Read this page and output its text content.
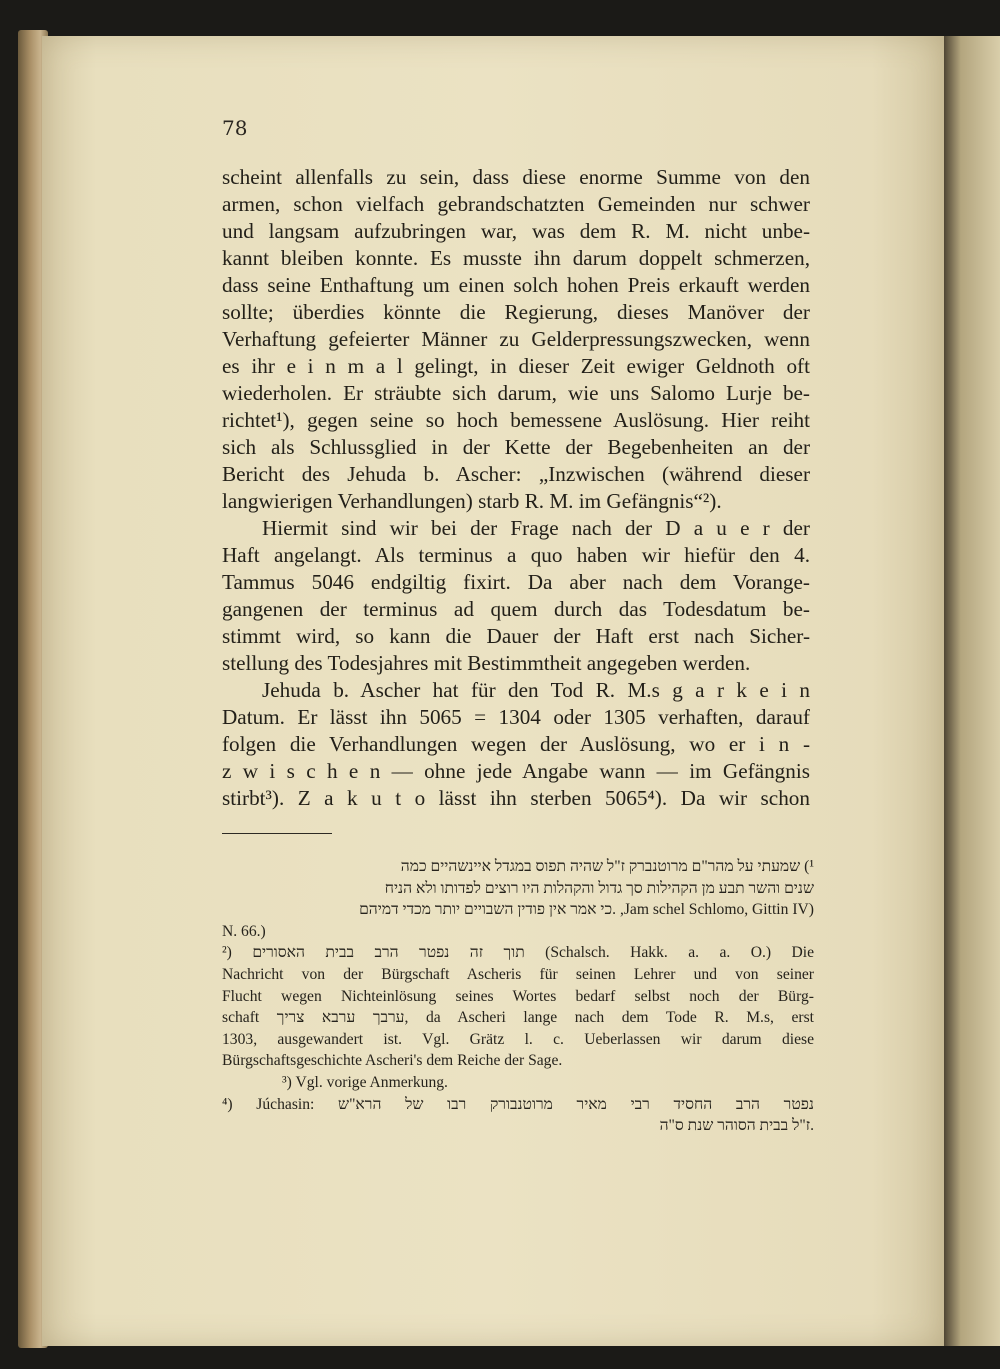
78
scheint allenfalls zu sein, dass diese enorme Summe von den
armen, schon vielfach gebrandschatzten Gemeinden nur schwer
und langsam aufzubringen war, was dem R. M. nicht unbe-
kannt bleiben konnte. Es musste ihn darum doppelt schmerzen,
dass seine Enthaftung um einen solch hohen Preis erkauft werden
sollte; überdies könnte die Regierung, dieses Manöver der
Verhaftung gefeierter Männer zu Gelderpressungszwecken, wenn
es ihr e i n m a l gelingt, in dieser Zeit ewiger Geldnoth oft
wiederholen. Er sträubte sich darum, wie uns Salomo Lurje be-
richtet¹), gegen seine so hoch bemessene Auslösung. Hier reiht
sich als Schlussglied in der Kette der Begebenheiten an der
Bericht des Jehuda b. Ascher: „Inzwischen (während dieser
langwierigen Verhandlungen) starb R. M. im Gefängnis“²).
Hiermit sind wir bei der Frage nach der D a u e r der
Haft angelangt. Als terminus a quo haben wir hiefür den 4.
Tammus 5046 endgiltig fixirt. Da aber nach dem Vorange-
gangenen der terminus ad quem durch das Todesdatum be-
stimmt wird, so kann die Dauer der Haft erst nach Sicher-
stellung des Todesjahres mit Bestimmtheit angegeben werden.
Jehuda b. Ascher hat für den Tod R. M.s g a r k e i n
Datum. Er lässt ihn 5065 = 1304 oder 1305 verhaften, darauf
folgen die Verhandlungen wegen der Auslösung, wo er i n -
z w i s c h e n — ohne jede Angabe wann — im Gefängnis
stirbt³). Z a k u t o lässt ihn sterben 5065⁴). Da wir schon
¹) שמעתי על מהר"ם מרוטנברק ז"ל שהיה תפוס במגדל איינשהיים כמה
שנים והשר תבע מן הקהילות סך גדול והקהלות היו רוצים לפדותו ולא הניח
(Jam schel Schlomo, Gittin IV, .כי אמר אין פודין השבויים יותר מכדי דמיהם
N. 66.)
²) תוך זה נפטר הרב בבית האסורים (Schalsch. Hakk. a. a. O.) Die
Nachricht von der Bürgschaft Ascheris für seinen Lehrer und von seiner
Flucht wegen Nichteinlösung seines Wortes bedarf selbst noch der Bürg-
schaft ערבך ערבא צריך, da Ascheri lange nach dem Tode R. M.s, erst
1303, ausgewandert ist. Vgl. Grätz l. c. Ueberlassen wir darum diese
Bürgschaftsgeschichte Ascheri's dem Reiche der Sage.
³) Vgl. vorige Anmerkung.
⁴) Júchasin: נפטר הרב החסיד רבי מאיר מרוטנבורק רבו של הרא"ש
.ז"ל בבית הסוהר שנת ס"ה
